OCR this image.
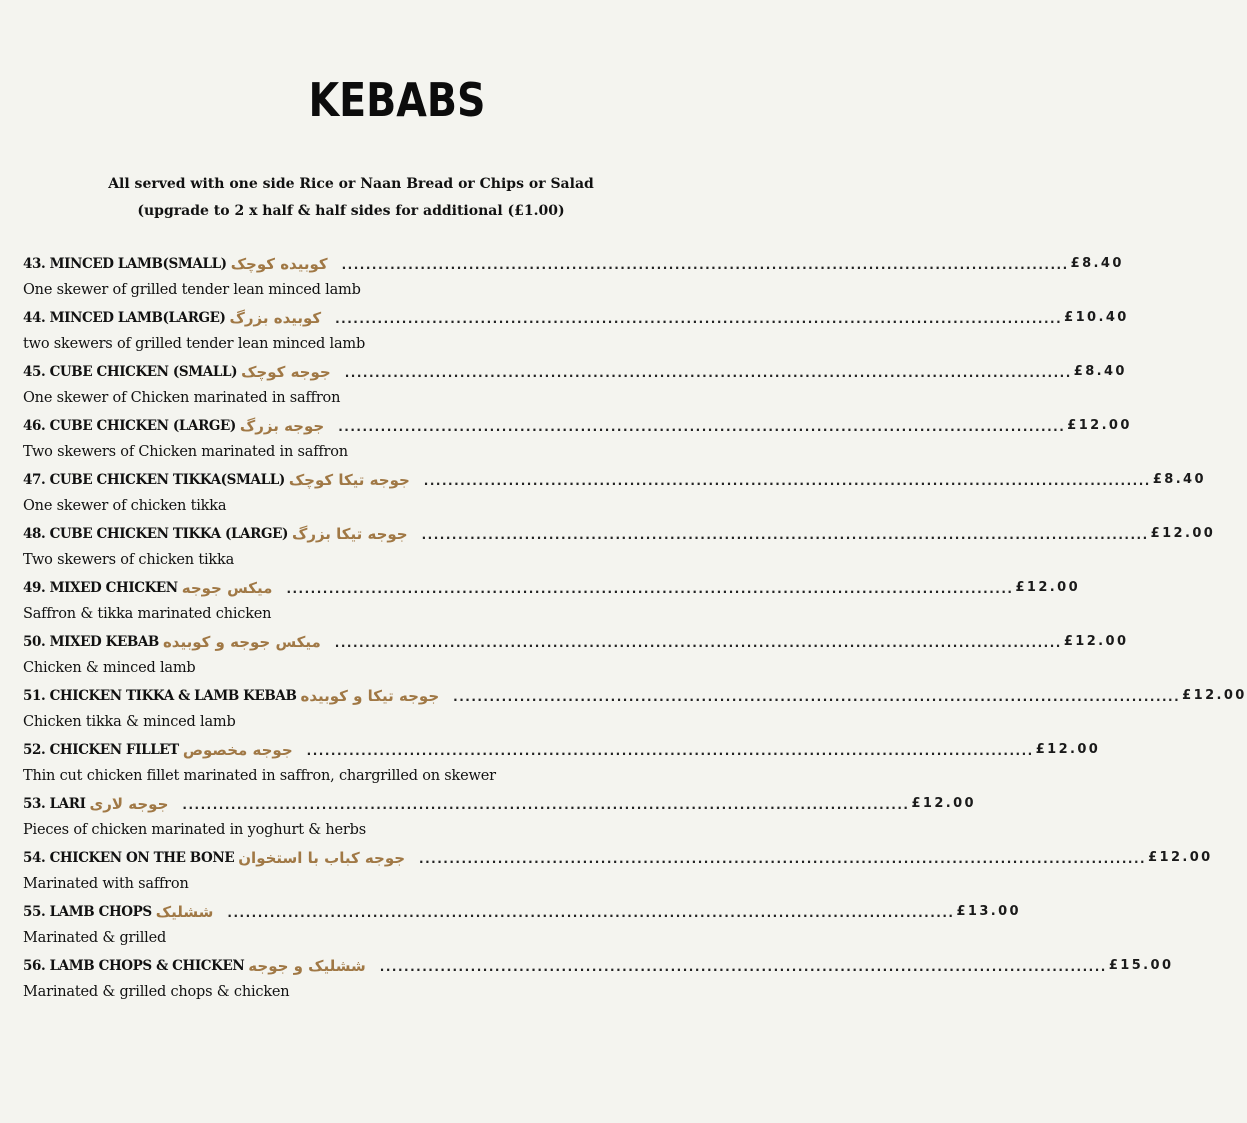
KEBABS
All served with one side Rice or Naan Bread or Chips or Salad
(upgrade to 2 x half & half sides for additional (£1.00)
43. MINCED LAMB(SMALL) کوبیده کوچک ........................................................................................................................ £8.40
One skewer of grilled tender lean minced lamb
44. MINCED LAMB(LARGE) کوبیده بزرگ ........................................................................................................................ £10.40
two skewers of grilled tender lean minced lamb
45. CUBE CHICKEN (SMALL) جوجه کوچک ........................................................................................................................ £8.40
One skewer of Chicken marinated in saffron
46. CUBE CHICKEN (LARGE) جوجه بزرگ ........................................................................................................................ £12.00
Two skewers of Chicken marinated in saffron
47. CUBE CHICKEN TIKKA(SMALL) جوجه تیکا کوچک ........................................................................................................................ £8.40
One skewer of chicken tikka
48. CUBE CHICKEN TIKKA (LARGE) جوجه تیکا بزرگ ........................................................................................................................ £12.00
Two skewers of chicken tikka
49. MIXED CHICKEN میکس جوجه ........................................................................................................................ £12.00
Saffron & tikka marinated chicken
50. MIXED KEBAB میکس جوجه و کوبیده ........................................................................................................................ £12.00
Chicken & minced lamb
51. CHICKEN TIKKA & LAMB KEBAB جوجه تیکا و کوبیده ........................................................................................................................ £12.00
Chicken tikka & minced lamb
52. CHICKEN FILLET جوجه مخصوص ........................................................................................................................ £12.00
Thin cut chicken fillet marinated in saffron, chargrilled on skewer
53. LARI جوجه لاری ........................................................................................................................ £12.00
Pieces of chicken marinated in yoghurt & herbs
54. CHICKEN ON THE BONE جوجه کباب با استخوان ........................................................................................................................ £12.00
Marinated with saffron
55. LAMB CHOPS ششلیک ........................................................................................................................ £13.00
Marinated & grilled
56. LAMB CHOPS & CHICKEN ششلیک و جوجه ........................................................................................................................ £15.00
Marinated & grilled chops & chicken
